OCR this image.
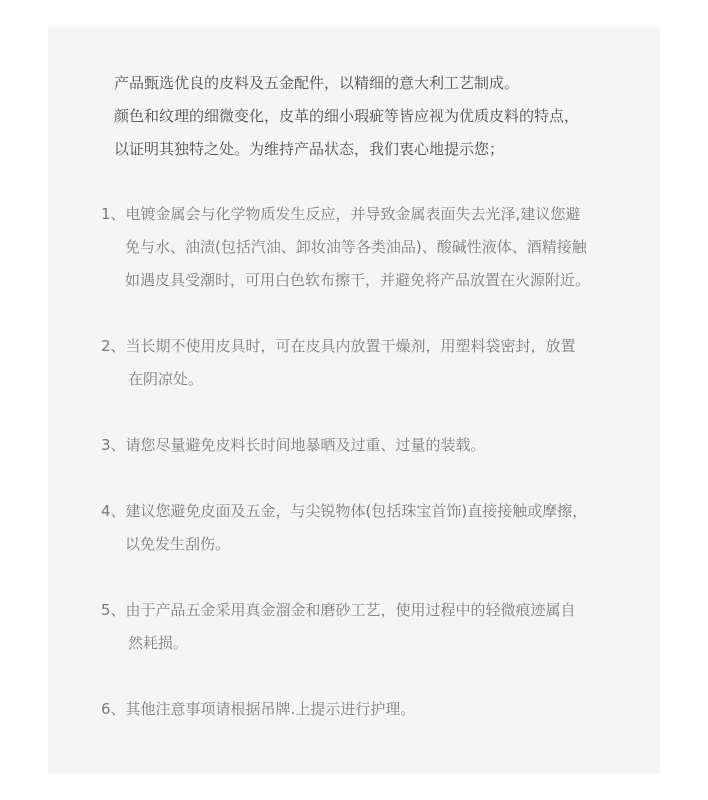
产品甄选优良的皮料及五金配件，以精细的意大利工艺制成。

颜色和纹理的细微变化，皮革的细小瑕疵等皆应视为优质皮料的特点，

以证明其独特之处。为维持产品状态，我们衷心地提示您；

1、电镀金属会与化学物质发生反应，并导致金属表面失去光泽,建议您避

免与水、油渍(包括汽油、卸妆油等各类油品)、酸碱性液体、酒精接触

如遇皮具受潮时，可用白色软布擦干，并避免将产品放置在火源附近。

2、当长期不使用皮具时，可在皮具内放置干燥剂，用塑料袋密封，放置

在阴凉处。

3、请您尽量避免皮料长时间地暴晒及过重、过量的装载。

4、建议您避免皮面及五金，与尖锐物体(包括珠宝首饰)直接接触或摩擦，

以免发生刮伤。

5、由于产品五金采用真金溜金和磨砂工艺，使用过程中的轻微痕迹属自

然耗损。

6、其他注意事项请根据吊牌.上提示进行护理。
